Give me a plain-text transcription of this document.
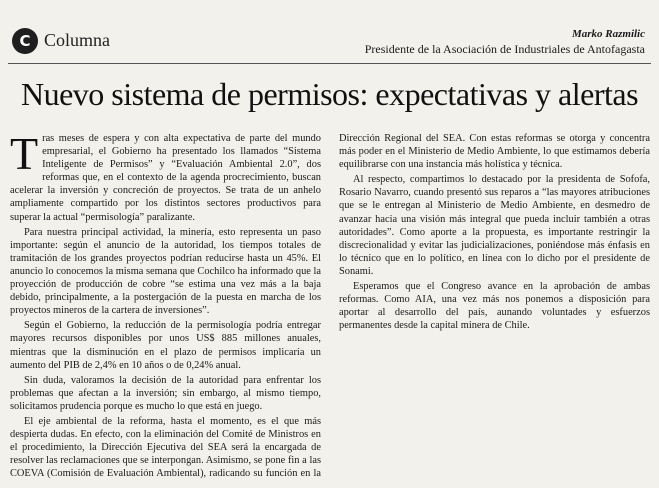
C Columna	Marko Razmilic
Presidente de la Asociación de Industriales de Antofagasta
Nuevo sistema de permisos: expectativas y alertas

Tras meses de espera y con alta expectativa de parte del mundo empresarial, el Gobierno ha presentado los llamados “Sistema Inteligente de Permisos” y “Evaluación Ambiental 2.0”, dos reformas que, en el contexto de la agenda procrecimiento, buscan acelerar la inversión y concreción de proyectos. Se trata de un anhelo ampliamente compartido por los distintos sectores productivos para superar la actual “permisología” paralizante.

Para nuestra principal actividad, la minería, esto representa un paso importante: según el anuncio de la autoridad, los tiempos totales de tramitación de los grandes proyectos podrían reducirse hasta un 45%. El anuncio lo conocemos la misma semana que Cochilco ha informado que la proyección de producción de cobre “se estima una vez más a la baja debido, principalmente, a la postergación de la puesta en marcha de los proyectos mineros de la cartera de inversiones”.

Según el Gobierno, la reducción de la permisología podría entregar mayores recursos disponibles por unos US$ 885 millones anuales, mientras que la disminución en el plazo de permisos implicaría un aumento del PIB de 2,4% en 10 años o de 0,24% anual.

Sin duda, valoramos la decisión de la autoridad para enfrentar los problemas que afectan a la inversión; sin embargo, al mismo tiempo, solicitamos prudencia porque es mucho lo que está en juego.

El eje ambiental de la reforma, hasta el momento, es el que más despierta dudas. En efecto, con la eliminación del Comité de Ministros en el procedimiento, la Dirección Ejecutiva del SEA será la encargada de resolver las reclamaciones que se interpongan. Asimismo, se pone fin a las COEVA (Comisión de Evaluación Ambiental), radicando su función en la Dirección Regional del SEA. Con estas reformas se otorga y concentra más poder en el Ministerio de Medio Ambiente, lo que estimamos debería equilibrarse con una instancia más holística y técnica.

Al respecto, compartimos lo destacado por la presidenta de Sofofa, Rosario Navarro, cuando presentó sus reparos a “las mayores atribuciones que se le entregan al Ministerio de Medio Ambiente, en desmedro de avanzar hacia una visión más integral que pueda incluir también a otras autoridades”. Como aporte a la propuesta, es importante restringir la discrecionalidad y evitar las judicializaciones, poniéndose más énfasis en lo técnico que en lo político, en línea con lo dicho por el presidente de Sonami.

Esperamos que el Congreso avance en la aprobación de ambas reformas. Como AIA, una vez más nos ponemos a disposición para aportar al desarrollo del país, aunando voluntades y esfuerzos permanentes desde la capital minera de Chile.
